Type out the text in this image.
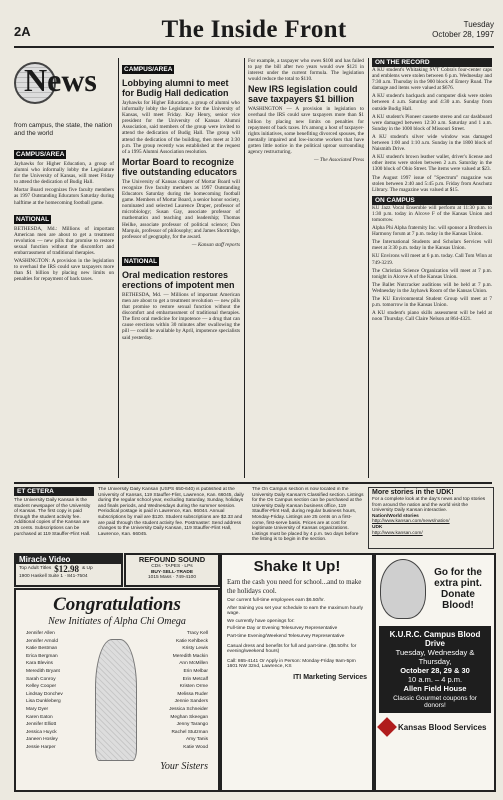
2A	The Inside Front	Tuesday
October 28, 1997
News
from campus, the state, the nation and the world
CAMPUS/AREA

Jayhawks for Higher Education, a group of alumni who informally lobby the Legislature for the University of Kansas, will meet Friday to attend the dedication of Budig Hall.

Mortar Board recognizes five faculty members as 1997 Outstanding Educators Saturday during halftime at the homecoming football game.

NATIONAL

BETHESDA, Md.: Millions of important American men are about to get a treatment revolution — new pills that promise to restore sexual function without the discomfort and embarrassment of traditional therapies.

WASHINGTON: A provision in the legislation to overhaul the IRS could save taxpayers more than $1 billion by placing new limits on penalties for repayment of back taxes.

CAMPUS/AREA
Lobbying alumni to meet for Budig Hall dedication

Jayhawks for Higher Education, a group of alumni who informally lobby the Legislature for the University of Kansas, will meet Friday. Kay Henry, senior vice president for the University of Kansas Alumni Association, said members of the group were invited to attend the dedication of Budig Hall. The group will attend the dedication of the building, then meet at 3:30 p.m. The group recently was established at the request of a 1995 Alumni Association resolution.

Mortar Board to recognize five outstanding educators

The University of Kansas chapter of Mortar Board will recognize five faculty members as 1997 Outstanding Educators Saturday during the homecoming football game. Members of Mortar Board, a senior honor society, nominated and selected Laurence Draper, professor of microbiology; Susan Gay, associate professor of mathematics and teaching and leadership; Thomas Heilke, associate professor of political science; Don Marquis, professor of philosophy; and James Shortridge, professor of geography, for the award.

— Kansan staff reports

NATIONAL
Oral medication restores erections of impotent men

BETHESDA, Md. — Millions of important American men are about to get a treatment revolution — new pills that promise to restore sexual function without the discomfort and embarrassment of traditional therapies. The first oral medicine for impotence — a drug that can cause erections within 30 minutes after swallowing the pill — could be available by April, impotence specialists said yesterday.

For example, a taxpayer who owes $100 and has failed to pay the bill after two years would owe $121 in interest under the current formula. The legislation would reduce the total to $110.

New IRS legislation could save taxpayers $1 billion

WASHINGTON — A provision in legislation to overhaul the IRS could save taxpayers more than $1 billion by placing new limits on penalties for repayment of back taxes. It's among a host of taxpayer-rights initiatives, some benefiting divorced spouses, the mentally impaired and low-income workers that have gotten little notice in the political uproar surrounding agency restructuring.

— The Associated Press

ON THE RECORD
A KU student's Whitaking SVT Cobra's four-center caps and emblems were stolen between 6 p.m. Wednesday and 7:30 a.m. Thursday in the 900 block of Emery Road. The damage and items were valued at $676.
A KU student's backpack and computer disk were stolen between 4 a.m. Saturday and 4:30 a.m. Sunday from outside Budig Hall.
A KU student's Pioneer cassette stereo and car dashboard were damaged between 12:30 a.m. Saturday and 1 a.m. Sunday in the 1000 block of Missouri Street.
A KU student's silver wide window was damaged between 1:00 and 1:10 a.m. Sunday in the 1800 block of Naismith Drive.
A KU student's brown leather wallet, driver's license and other items were stolen between 2 a.m. Saturday in the 1300 block of Ohio Street. The items were valued at $23.
The August 1997 issue of "Spectrum" magazine was stolen between 2:40 and 5:45 p.m. Friday from Anschutz Library. The magazine was valued at $15.
ON CAMPUS
KU Jazz Vocal Ensemble will perform at 11:30 p.m. to 1:30 p.m. today in Alcove F of the Kansas Union and tomorrow.
Alpha Phi Alpha fraternity Inc. will sponsor a Brothers in Harmony forum at 7 p.m. today in the Kansas Union.
The International Students and Scholars Services will meet at 3:30 p.m. today in the Kansas Union.
KU Environs will meet at 6 p.m. today. Call Tom Winn at 749-3219.
The Christian Science Organization will meet at 7 p.m. tonight in Alcove A of the Kansas Union.
The Ballet Nutcracker auditions will be held at 7 p.m. Wednesday in the Jayhawk Room of the Kansas Union.
The KU Environmental Student Group will meet at 7 p.m. tomorrow in the Kansas Union.
A KU student's piano skills assessment will be held at noon Thursday. Call Claire Nelson at 864-4321.
ET CETERA
The University Daily Kansan is the student newspaper of the University of Kansas. The first copy is paid through the student activity fee. Additional copies of the Kansan are 25 cents. Subscriptions can be purchased at 119 Stauffer-Flint Hall.
The University Daily Kansan (USPS 650-640) is published at the University of Kansas, 119 Stauffer-Flint, Lawrence, Kan. 66045, daily during the regular school year, excluding Saturday, Sunday, holidays and finals periods, and Wednesdays during the summer session. Periodical postage is paid in Lawrence, Kan. 66044. Annual subscriptions by mail are $120. Student subscriptions are $2.33 and are paid through the student activity fee. Postmaster: Send address changes to the University Daily Kansan, 119 Stauffer-Flint Hall, Lawrence, Kan. 66045.
The On Campus section is now located in the University Daily Kansan's Classified section. Listings for the On Campus section can be purchased at the University Daily Kansan business office, 119 Stauffer-Flint Hall, during regular business hours, Monday-Friday. Listings are 25 cents on a first-come, first-serve basis. Prices are at cost for legitimate University of Kansas organizations. Listings must be placed by 4 p.m. two days before the listing is to begin in the section.
More stories in the UDK!
For a complete look at the day's news and top stories from around the nation and the world visit the University Daily Kansan interactive.
Nation/World stories
http://www.kansan.com/news/nation/
UDK
http://www.kansan.com/
Miracle Video
Top Adult Titles $12.98 & Up
1900 Haskell Suite 1 · 841-7504
REFOUND SOUND
CDs · TAPES · LPs
BUY·SELL·TRADE
1015 Mass · 749-4100
Congratulations
New Initiates of Alpha Chi Omega
Jennifer Allen
Jennifer Arnold
Katie Bestman
Erica Bergman
Kara Blevins
Meredith Bryant
Sarah Conroy
Kelley Cooper
Lindsay Donchev
Lisa Dunkleberg
Mary Dyer
Karen Eaton
Jennifer Elliott
Jessica Huyck
Janeen Hosley
Jessie Harper
Tracy Kell
Katie Kehlbeck
Kristy Lewis
Meredith Mackin
Ann McMillen
Erin Melbar
Erin Metcalf
Kristen Orme
Melissa Ruder
Jennie Sanders
Jessica Schneider
Meghan Skeegan
Jenny Tarango
Rachel Stutzman
Amy Tanis
Katie Wood
Your Sisters
Shake It Up!
Earn the cash you need for school...and to make the holidays cool.
Our current full-time employees earn $6.50/hr.
After training you set your schedule to earn the maximum hourly wage.
We currently have openings for:
Full-time Day or Evening Telesurvey Representative
Part-time Evening/Weekend Telesurvey Representative
Casual dress and benefits for full and part-time. ($6.50/hr. for evening/weekend hours)
Call: 865-4141 Or Apply in Person: Monday-Friday 9am-5pm 1601 NW 32nd, Lawrence, KS
ITI Marketing Services
Go for the extra pint. Donate Blood!
K.U.R.C. Campus Blood Drive
Tuesday, Wednesday & Thursday,
October 28, 29 & 30
10 a.m. – 4 p.m.
Allen Field House
Classic Gourmet coupons for donors!
Kansas Blood Services
